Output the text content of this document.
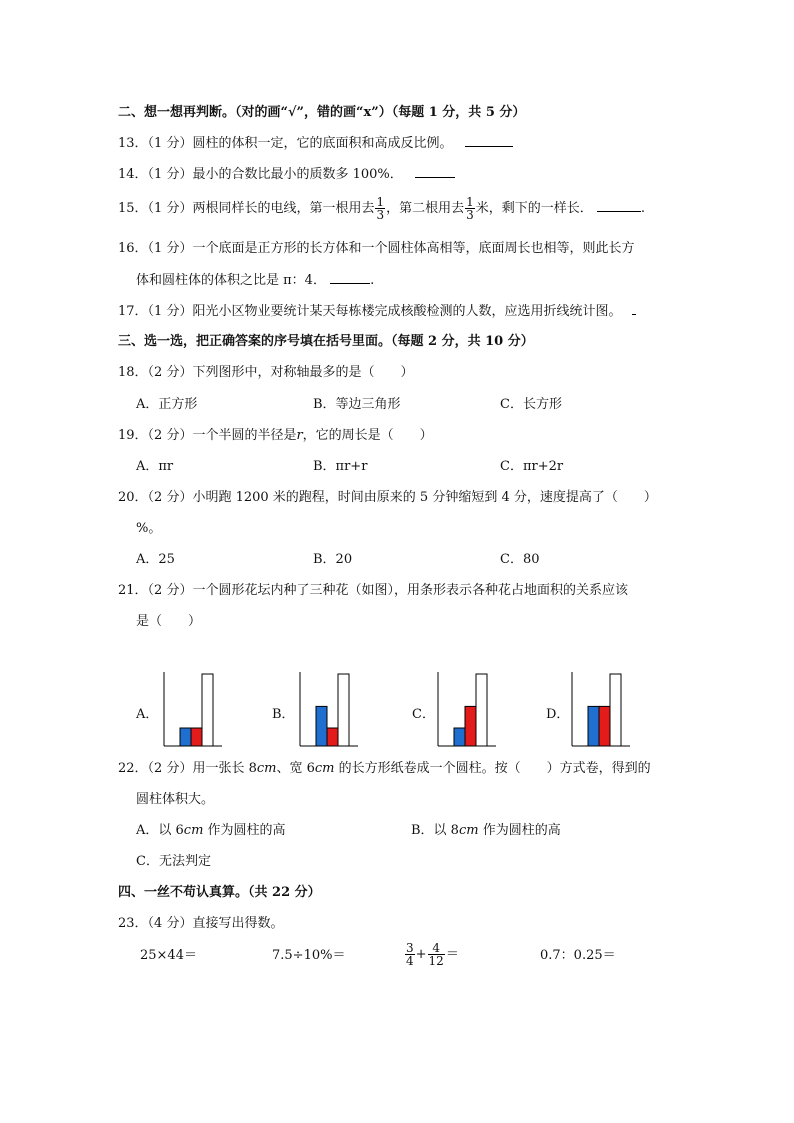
二、想一想再判断。（对的画“√”，错的画“x”）（每题 1 分，共 5 分）
13．（1 分）圆柱的体积一定，它的底面积和高成反比例。
14．（1 分）最小的合数比最小的质数多 100%．
15．（1 分）两根同样长的电线，第一根用去 $\frac{1}{3}$ ，第二根用去 $\frac{1}{3}$ 米，剩下的一样长．	.
16．（1 分）一个底面是正方形的长方体和一个圆柱体高相等，底面周长也相等，则此长方
体和圆柱体的体积之比是 π：4．	.
17．（1 分）阳光小区物业要统计某天每栋楼完成核酸检测的人数，应选用折线统计图。
三、选一选，把正确答案的序号填在括号里面。（每题 2 分，共 10 分）
18．（2 分）下列图形中，对称轴最多的是（　　）
A．正方形	B．等边三角形	C．长方形
19．（2 分）一个半圆的半径是r，它的周长是（　　）
A．πr	B．πr+r	C．πr+2r
20．（2 分）小明跑 1200 米的跑程，时间由原来的 5 分钟缩短到 4 分，速度提高了（　　）
%。
A．25	B．20	C．80
21．（2 分）一个圆形花坛内种了三种花（如图），用条形表示各种花占地面积的关系应该
是（　　）
A．	B．	C．	D．
22．（2 分）用一张长 8cm、宽 6cm 的长方形纸卷成一个圆柱。按（　　）方式卷，得到的
圆柱体积大。
A．以 6cm 作为圆柱的高	B．以 8cm 作为圆柱的高
C．无法判定
四、一丝不苟认真算。（共 22 分）
23．（4 分）直接写出得数。
25×44＝	7.5÷10%＝	$\frac{3}{4} + \frac{4}{12}$ ＝	0.7：0.25＝
